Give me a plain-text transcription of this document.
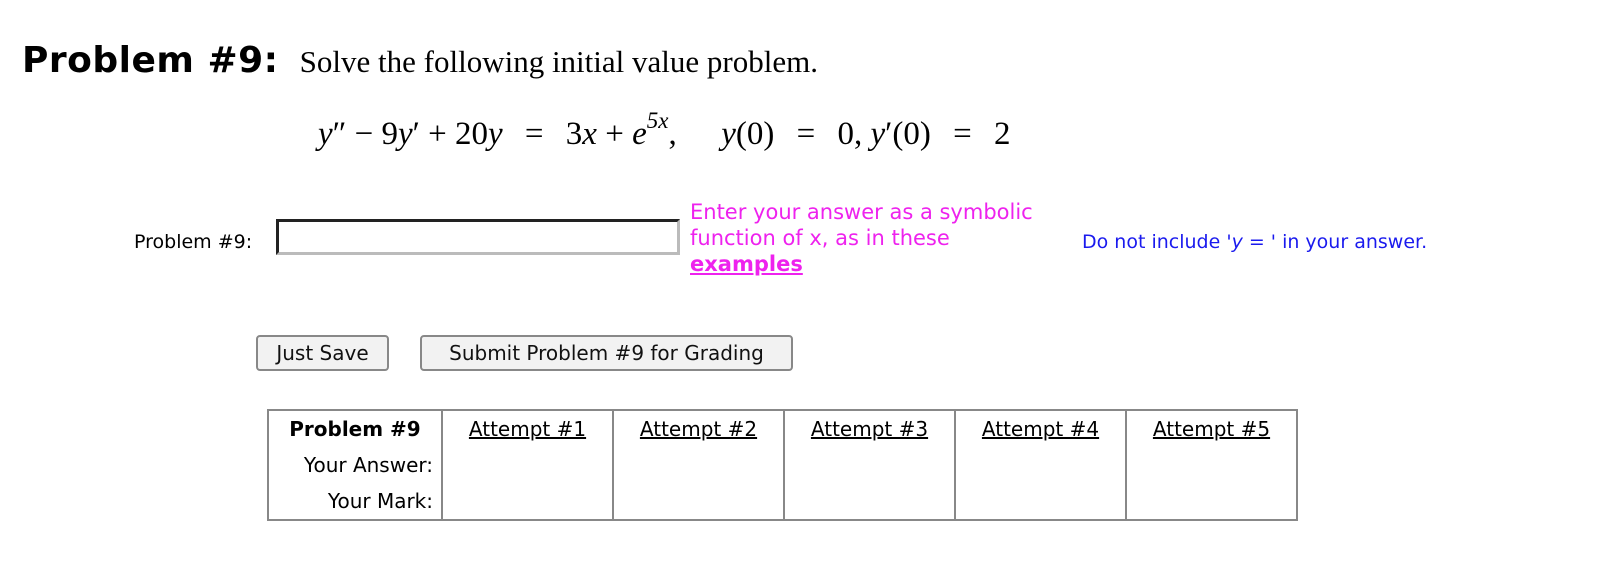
Problem #9: Solve the following initial value problem.
$y'' - 9y' + 20y = 3x + e^{5x}$, y(0) = 0, y′(0) = 2
Problem #9:
Enter your answer as a symbolic function of x, as in these examples
Do not include 'y = ' in your answer.
Just Save	Submit Problem #9 for Grading
Problem #9	Attempt #1	Attempt #2	Attempt #3	Attempt #4	Attempt #5
Your Answer:					
Your Mark:					
